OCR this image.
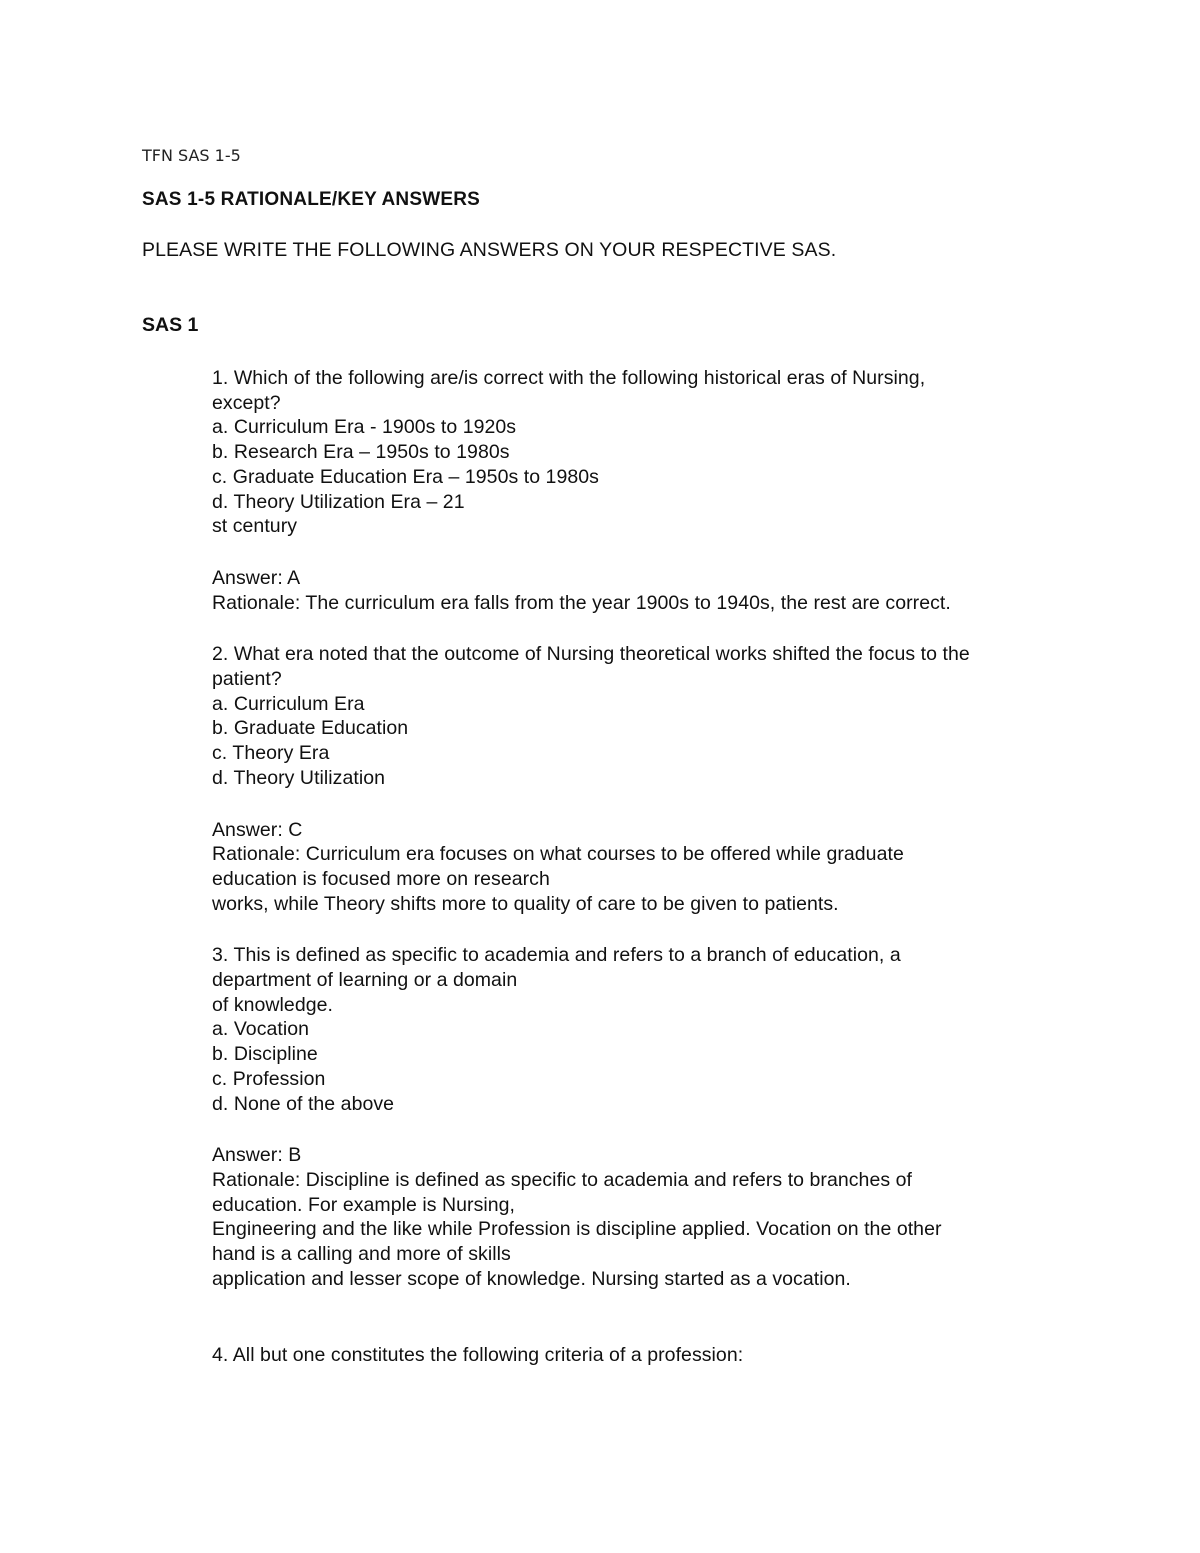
TFN SAS 1-5
SAS 1-5 RATIONALE/KEY ANSWERS
PLEASE WRITE THE FOLLOWING ANSWERS ON YOUR RESPECTIVE SAS.
SAS 1
1. Which of the following are/is correct with the following historical eras of Nursing,
except?
a. Curriculum Era - 1900s to 1920s
b. Research Era – 1950s to 1980s
c. Graduate Education Era – 1950s to 1980s
d. Theory Utilization Era – 21
st century
Answer: A
Rationale: The curriculum era falls from the year 1900s to 1940s, the rest are correct.
2. What era noted that the outcome of Nursing theoretical works shifted the focus to the
patient?
a. Curriculum Era
b. Graduate Education
c. Theory Era
d. Theory Utilization
Answer: C
Rationale: Curriculum era focuses on what courses to be offered while graduate
education is focused more on research
works, while Theory shifts more to quality of care to be given to patients.
3. This is defined as specific to academia and refers to a branch of education, a
department of learning or a domain
of knowledge.
a. Vocation
b. Discipline
c. Profession
d. None of the above
Answer: B
Rationale: Discipline is defined as specific to academia and refers to branches of
education. For example is Nursing,
Engineering and the like while Profession is discipline applied. Vocation on the other
hand is a calling and more of skills
application and lesser scope of knowledge. Nursing started as a vocation.
4. All but one constitutes the following criteria of a profession:
